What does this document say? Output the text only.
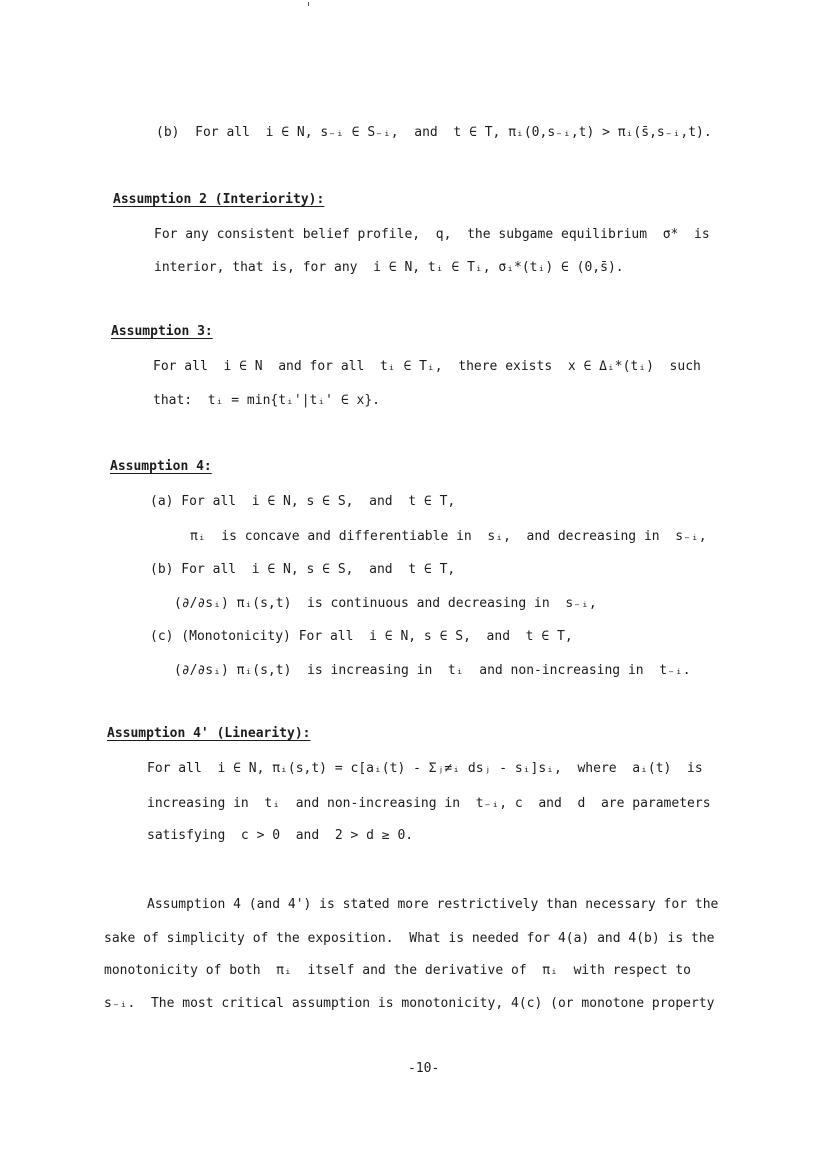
(b)  For all  i ∈ N, s₋ᵢ ∈ S₋ᵢ,  and  t ∈ T, πᵢ(0,s₋ᵢ,t) > πᵢ(s̄,s₋ᵢ,t).
Assumption 2 (Interiority):
For any consistent belief profile,  q,  the subgame equilibrium  σ*  is
interior, that is, for any  i ∈ N, tᵢ ∈ Tᵢ, σᵢ*(tᵢ) ∈ (0,s̄).
Assumption 3:
For all  i ∈ N  and for all  tᵢ ∈ Tᵢ,  there exists  x ∈ Δᵢ*(tᵢ)  such
that:  tᵢ = min{tᵢ'|tᵢ' ∈ x}.
Assumption 4:
(a) For all  i ∈ N, s ∈ S,  and  t ∈ T,
πᵢ  is concave and differentiable in  sᵢ,  and decreasing in  s₋ᵢ,
(b) For all  i ∈ N, s ∈ S,  and  t ∈ T,
(∂/∂sᵢ) πᵢ(s,t)  is continuous and decreasing in  s₋ᵢ,
(c) (Monotonicity) For all  i ∈ N, s ∈ S,  and  t ∈ T,
(∂/∂sᵢ) πᵢ(s,t)  is increasing in  tᵢ  and non-increasing in  t₋ᵢ.
Assumption 4' (Linearity):
For all  i ∈ N, πᵢ(s,t) = c[aᵢ(t) - Σⱼ≠ᵢ dsⱼ - sᵢ]sᵢ,  where  aᵢ(t)  is
increasing in  tᵢ  and non-increasing in  t₋ᵢ, c  and  d  are parameters
satisfying  c > 0  and  2 > d ≥ 0.
Assumption 4 (and 4') is stated more restrictively than necessary for the
sake of simplicity of the exposition.  What is needed for 4(a) and 4(b) is the
monotonicity of both  πᵢ  itself and the derivative of  πᵢ  with respect to
s₋ᵢ.  The most critical assumption is monotonicity, 4(c) (or monotone property
-10-
